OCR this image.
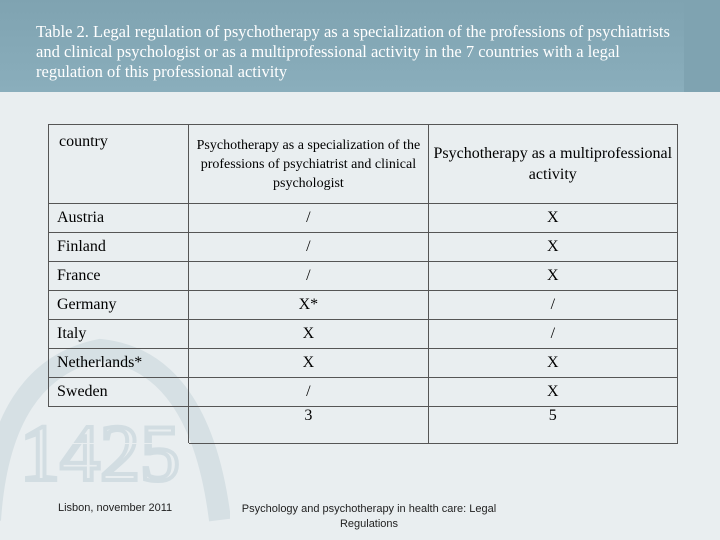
Table 2. Legal regulation of psychotherapy as a specialization of the professions of psychiatrists and clinical psychologist or as a multiprofessional activity in the 7 countries with a legal regulation of this professional activity

1425
country	Psychotherapy as a specialization of the professions of psychiatrist and clinical psychologist	Psychotherapy as a multiprofessional activity
Austria	/	X
Finland	/	X
France	/	X
Germany	X*	/
Italy	X	/
Netherlands*	X	X
Sweden	/	X
	3	5
Lisbon, november 2011	Psychology and psychotherapy in health care: Legal Regulations
